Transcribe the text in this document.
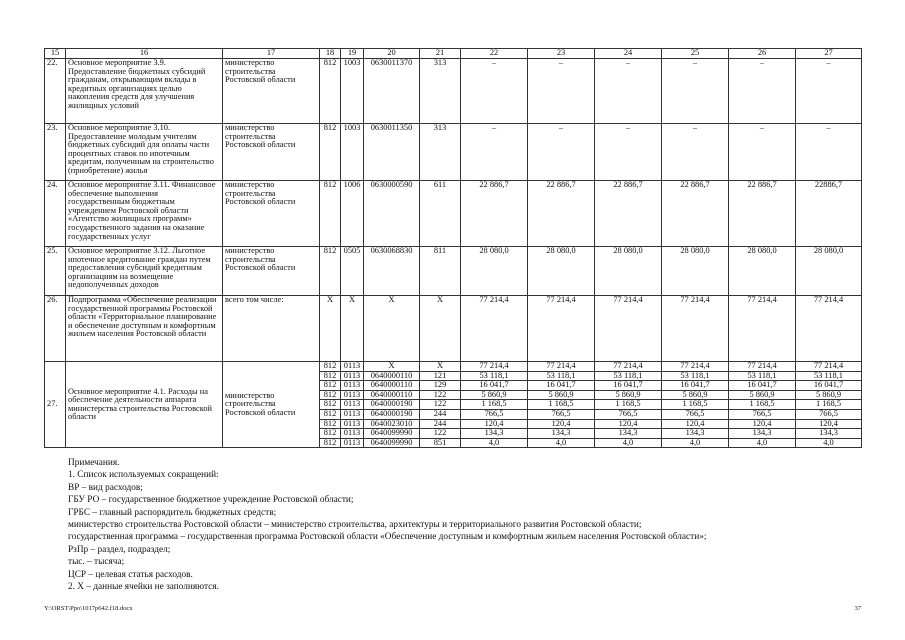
15	16	17	18	19	20	21	22	23	24	25	26	27
22.	Основное мероприятие 3.9. Предоставление бюджетных субсидий гражданам, открывающим вклады в кредитных организациях целью накопления средств для улучшения жилищных условий	министерство строительства Ростовской области	812	1003	0630011370	313	–	–	–	–	–	–
23.	Основное мероприятие 3.10. Предоставление молодым учителям бюджетных субсидий для оплаты части процентных ставок по ипотечным кредитам, полученным на строительство (приобретение) жилья	министерство строительства Ростовской области	812	1003	0630011350	313	–	–	–	–	–	–
24.	Основное мероприятие 3.11. Финансовое обеспечение выполнения государственным бюджетным учреждением Ростовской области «Агентство жилищных программ» государственного задания на оказание государственных услуг	министерство строительства Ростовской области	812	1006	0630000590	611	22 886,7	22 886,7	22 886,7	22 886,7	22 886,7	22886,7
25.	Основное мероприятие 3.12. Льготное ипотечное кредитование граждан путем предоставления субсидий кредитным организациям на возмещение недополученных доходов	министерство строительства Ростовской области	812	0505	0630068830	811	28 080,0	28 080,0	28 080,0	28 080,0	28 080,0	28 080,0
26.	Подпрограмма «Обеспечение реализации государственной программы Ростовской области «Территориальное планирование и обеспечение доступным и комфортным жильем населения Ростовской области	всего том числе:	X	X	X	X	77 214,4	77 214,4	77 214,4	77 214,4	77 214,4	77 214,4
27.	Основное мероприятие 4.1. Расходы на обеспечение деятельности аппарата министерства строительства Ростовской области	министерство строительства Ростовской области	812	0113	X	X	77 214,4	77 214,4	77 214,4	77 214,4	77 214,4	77 214,4
			812	0113	0640000110	121	53 118,1	53 118,1	53 118,1	53 118,1	53 118,1	53 118,1
			812	0113	0640000110	129	16 041,7	16 041,7	16 041,7	16 041,7	16 041,7	16 041,7
			812	0113	0640000110	122	5 860,9	5 860,9	5 860,9	5 860,9	5 860,9	5 860,9
			812	0113	0640000190	122	1 168,5	1 168,5	1 168,5	1 168,5	1 168,5	1 168,5
			812	0113	0640000190	244	766,5	766,5	766,5	766,5	766,5	766,5
			812	0113	0640023010	244	120,4	120,4	120,4	120,4	120,4	120,4
			812	0113	0640099990	122	134,3	134,3	134,3	134,3	134,3	134,3
			812	0113	0640099990	851	4,0	4,0	4,0	4,0	4,0	4,0
Примечания.
1. Список используемых сокращений:
ВР – вид расходов;
ГБУ РО – государственное бюджетное учреждение Ростовской области;
ГРБС – главный распорядитель бюджетных средств;
министерство строительства Ростовской области – министерство строительства, архитектуры и территориального развития Ростовской области;
государственная программа – государственная программа Ростовской области «Обеспечение доступным и комфортным жильем населения Ростовской области»;
РзПр – раздел, подраздел;
тыс. – тысяча;
ЦСР – целевая статья расходов.
2. Х – данные ячейки не заполняются.
Y:\ORST\Ppo\1017p642.f18.docx	37
